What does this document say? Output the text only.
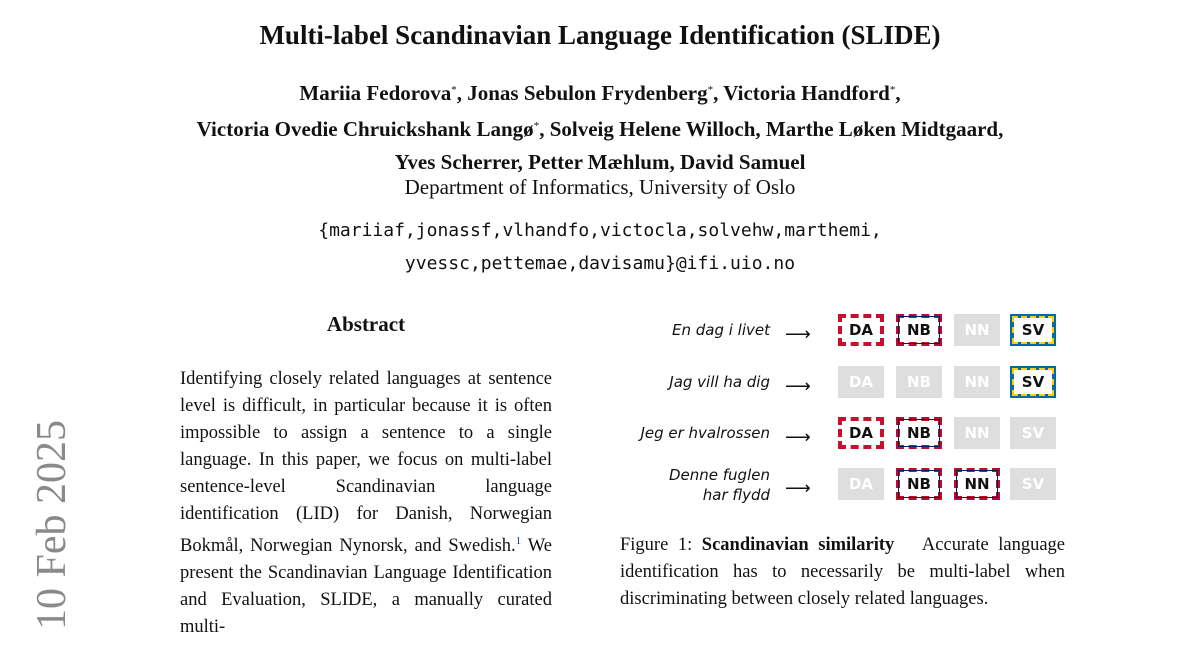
10 Feb 2025
Multi-label Scandinavian Language Identification (SLIDE)
Mariia Fedorova*, Jonas Sebulon Frydenberg*, Victoria Handford*,
Victoria Ovedie Chruickshank Langø*, Solveig Helene Willoch, Marthe Løken Midtgaard,
Yves Scherrer, Petter Mæhlum, David Samuel
Department of Informatics, University of Oslo
{mariiaf,jonassf,vlhandfo,victocla,solvehw,marthemi,
yvessc,pettemae,davisamu}@ifi.uio.no
Abstract
Identifying closely related languages at sentence level is difficult, in particular because it is often impossible to assign a sentence to a single language. In this paper, we focus on multi-label sentence-level Scandinavian language identification (LID) for Danish, Norwegian Bokmål, Norwegian Nynorsk, and Swedish.$^1$ We present the Scandinavian Language Identification and Evaluation, SLIDE, a manually curated multi-
En dag i livet ⟶	DA	NB	NN	SV
Jag vill ha dig ⟶	DA	NB	NN	SV
Jeg er hvalrossen ⟶	DA	NB	NN	SV
Denne fuglen
har flydd ⟶	DA	NB	NN	SV
Figure 1: Scandinavian similarity   Accurate language identification has to necessarily be multi-label when discriminating between closely related languages.
